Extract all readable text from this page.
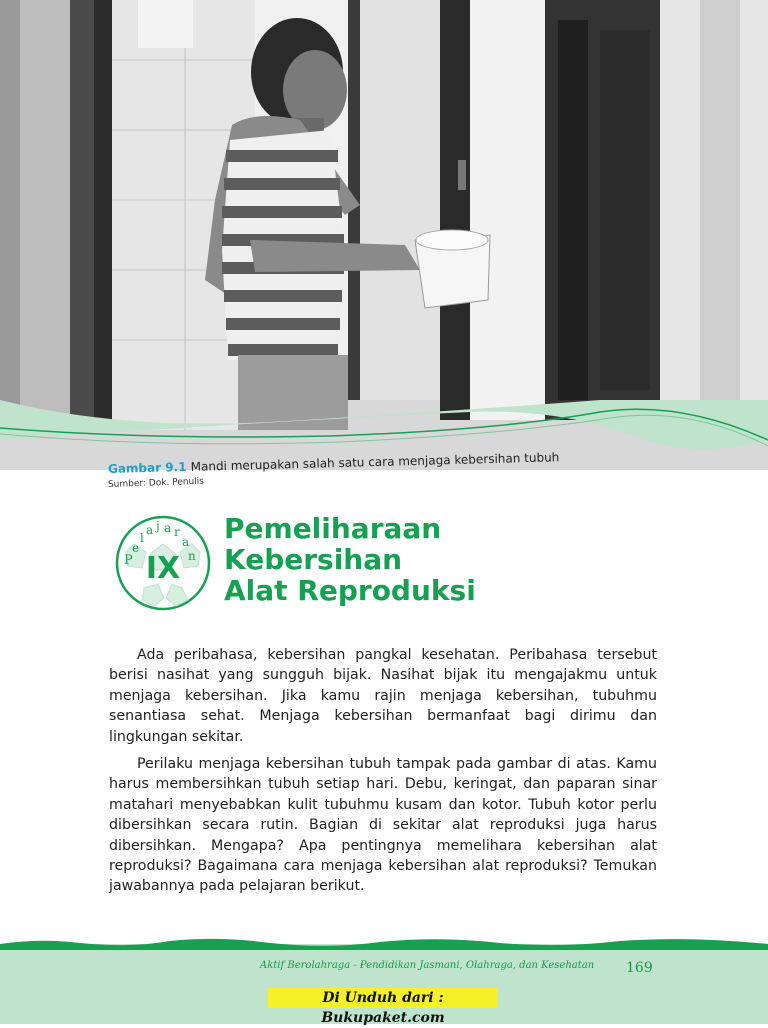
Gambar 9.1 Mandi merupakan salah satu cara menjaga kebersihan tubuh
Sumber: Dok. Penulis
P
e
l
a j a r
a
n
IX
Pemeliharaan
Kebersihan
Alat Reproduksi

Ada peribahasa, kebersihan pangkal kesehatan. Peribahasa tersebut berisi nasihat yang sungguh bijak. Nasihat bijak itu mengajakmu untuk menjaga kebersihan. Jika kamu rajin menjaga kebersihan, tubuhmu senantiasa sehat. Menjaga kebersihan bermanfaat bagi dirimu dan lingkungan sekitar.

Perilaku menjaga kebersihan tubuh tampak pada gambar di atas. Kamu harus membersihkan tubuh setiap hari. Debu, keringat, dan paparan sinar matahari menyebabkan kulit tubuhmu kusam dan kotor. Tubuh kotor perlu dibersihkan secara rutin. Bagian di sekitar alat reproduksi juga harus dibersihkan. Mengapa? Apa pentingnya memelihara kebersihan alat reproduksi? Bagaimana cara menjaga kebersihan alat reproduksi? Temukan jawabannya pada pelajaran berikut.

Aktif Berolahraga - Pendidikan Jasmani, Olahraga, dan Kesehatan 169
Di Unduh dari : Bukupaket.com
